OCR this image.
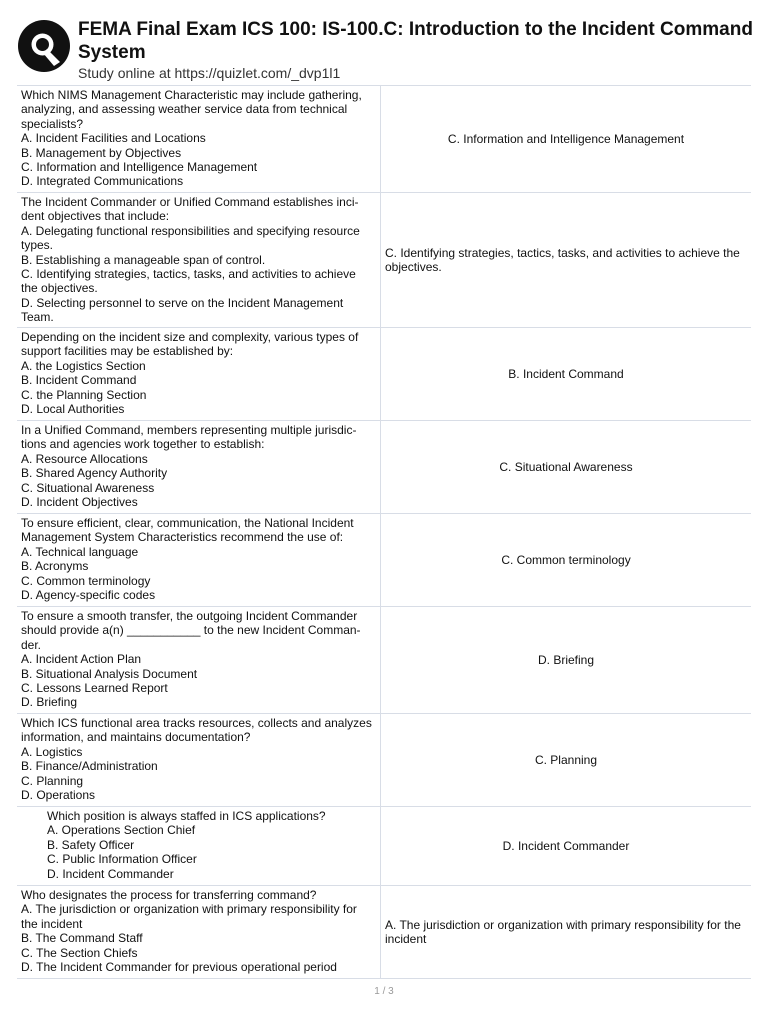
FEMA Final Exam ICS 100: IS-100.C: Introduction to the Incident Command System
Study online at https://quizlet.com/_dvp1l1
Which NIMS Management Characteristic may include gathering,
analyzing, and assessing weather service data from technical
specialists?
A. Incident Facilities and Locations
B. Management by Objectives
C. Information and Intelligence Management
D. Integrated Communications
C. Information and Intelligence Management
The Incident Commander or Unified Command establishes inci-
dent objectives that include:
A. Delegating functional responsibilities and specifying resource
types.
B. Establishing a manageable span of control.
C. Identifying strategies, tactics, tasks, and activities to achieve
the objectives.
D. Selecting personnel to serve on the Incident Management
Team.
C. Identifying strategies, tactics, tasks, and activities to achieve the objectives.
Depending on the incident size and complexity, various types of
support facilities may be established by:
A. the Logistics Section
B. Incident Command
C. the Planning Section
D. Local Authorities
B. Incident Command
In a Unified Command, members representing multiple jurisdic-
tions and agencies work together to establish:
A. Resource Allocations
B. Shared Agency Authority
C. Situational Awareness
D. Incident Objectives
C. Situational Awareness
To ensure efficient, clear, communication, the National Incident
Management System Characteristics recommend the use of:
A. Technical language
B. Acronyms
C. Common terminology
D. Agency-specific codes
C. Common terminology
To ensure a smooth transfer, the outgoing Incident Commander
should provide a(n) ___________ to the new Incident Comman-
der.
A. Incident Action Plan
B. Situational Analysis Document
C. Lessons Learned Report
D. Briefing
D. Briefing
Which ICS functional area tracks resources, collects and analyzes
information, and maintains documentation?
A. Logistics
B. Finance/Administration
C. Planning
D. Operations
C. Planning
Which position is always staffed in ICS applications?
A. Operations Section Chief
B. Safety Officer
C. Public Information Officer
D. Incident Commander
D. Incident Commander
Who designates the process for transferring command?
A. The jurisdiction or organization with primary responsibility for
the incident
B. The Command Staff
C. The Section Chiefs
D. The Incident Commander for previous operational period
A. The jurisdiction or organization with primary responsibility for the incident
1 / 3
